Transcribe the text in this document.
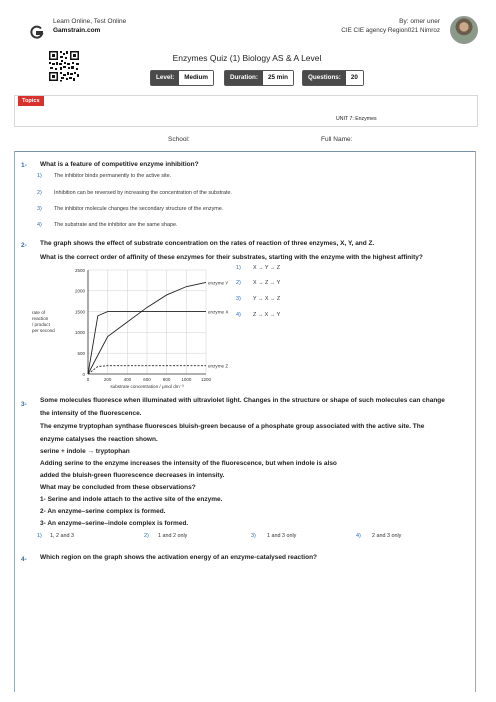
Learn Online, Test Online
Gamstrain.com
By: omer uner
CIE CIE agency Region021 Nimroz
Enzymes Quiz (1) Biology AS & A Level
Level:	Medium	Duration:	25 min	Questions:	20
Topics
UNIT 7: Enzymes
School:	Full Name:
1- What is a feature of competitive enzyme inhibition?
1) The inhibitor binds permanently to the active site.
2) Inhibition can be reversed by increasing the concentration of the substrate.
3) The inhibitor molecule changes the secondary structure of the enzyme.
4) The substrate and the inhibitor are the same shape.
2- The graph shows the effect of substrate concentration on the rates of reaction of three enzymes, X, Y, and Z.
What is the correct order of affinity of these enzymes for their substrates, starting with the enzyme with the highest affinity?
0
500
1000
1500
2000
2500
0	200	400	600	800 1000 1200
substrate concentration / μmol dm⁻³
rate of
reaction
/ product
per second
enzyme Y
enzyme X
enzyme Z
1) X → Y → Z
2) X → Z → Y
3) Y → X → Z
4) Z → X → Y
3-
Some molecules fluoresce when illuminated with ultraviolet light. Changes in the structure or shape of such molecules can change
the intensity of the fluorescence.
The enzyme tryptophan synthase fluoresces bluish-green because of a phosphate group associated with the active site. The
enzyme catalyses the reaction shown.
serine + indole → tryptophan
Adding serine to the enzyme increases the intensity of the fluorescence, but when indole is also
added the bluish-green fluorescence decreases in intensity.
What may be concluded from these observations?
1- Serine and indole attach to the active site of the enzyme.
2- An enzyme–serine complex is formed.
3- An enzyme–serine–indole complex is formed.
1) 1, 2 and 3	2) 1 and 2 only	3) 1 and 3 only	4) 2 and 3 only
4- Which region on the graph shows the activation energy of an enzyme-catalysed reaction?
